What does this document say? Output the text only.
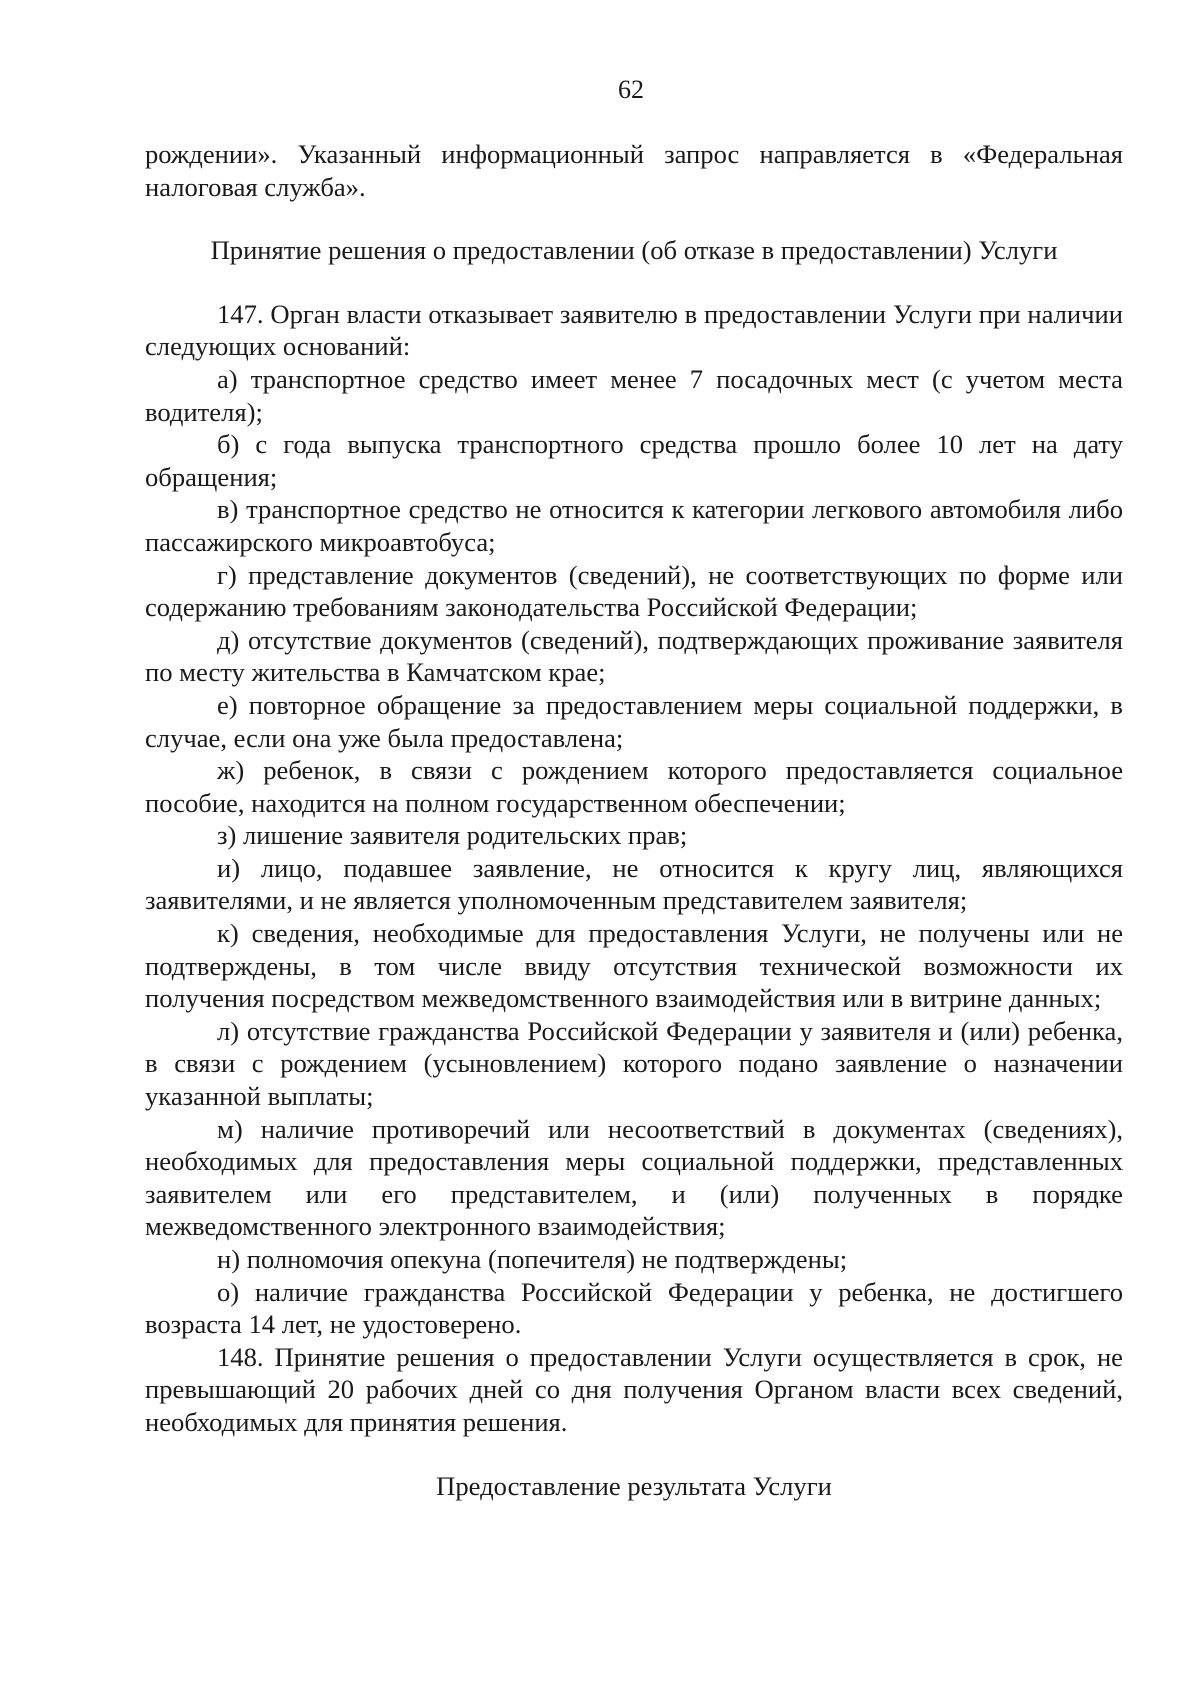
62

рождении». Указанный информационный запрос направляется в «Федеральная налоговая служба».

Принятие решения о предоставлении (об отказе в предоставлении) Услуги

147. Орган власти отказывает заявителю в предоставлении Услуги при наличии следующих оснований:

а) транспортное средство имеет менее 7 посадочных мест (с учетом места водителя);

б) с года выпуска транспортного средства прошло более 10 лет на дату обращения;

в) транспортное средство не относится к категории легкового автомобиля либо пассажирского микроавтобуса;

г) представление документов (сведений), не соответствующих по форме или содержанию требованиям законодательства Российской Федерации;

д) отсутствие документов (сведений), подтверждающих проживание заявителя по месту жительства в Камчатском крае;

е) повторное обращение за предоставлением меры социальной поддержки, в случае, если она уже была предоставлена;

ж) ребенок, в связи с рождением которого предоставляется социальное пособие, находится на полном государственном обеспечении;

з) лишение заявителя родительских прав;

и) лицо, подавшее заявление, не относится к кругу лиц, являющихся заявителями, и не является уполномоченным представителем заявителя;

к) сведения, необходимые для предоставления Услуги, не получены или не подтверждены, в том числе ввиду отсутствия технической возможности их получения посредством межведомственного взаимодействия или в витрине данных;

л) отсутствие гражданства Российской Федерации у заявителя и (или) ребенка, в связи с рождением (усыновлением) которого подано заявление о назначении указанной выплаты;

м) наличие противоречий или несоответствий в документах (сведениях), необходимых для предоставления меры социальной поддержки, представленных заявителем или его представителем, и (или) полученных в порядке межведомственного электронного взаимодействия;

н) полномочия опекуна (попечителя) не подтверждены;

о) наличие гражданства Российской Федерации у ребенка, не достигшего возраста 14 лет, не удостоверено.

148. Принятие решения о предоставлении Услуги осуществляется в срок, не превышающий 20 рабочих дней со дня получения Органом власти всех сведений, необходимых для принятия решения.

Предоставление результата Услуги
